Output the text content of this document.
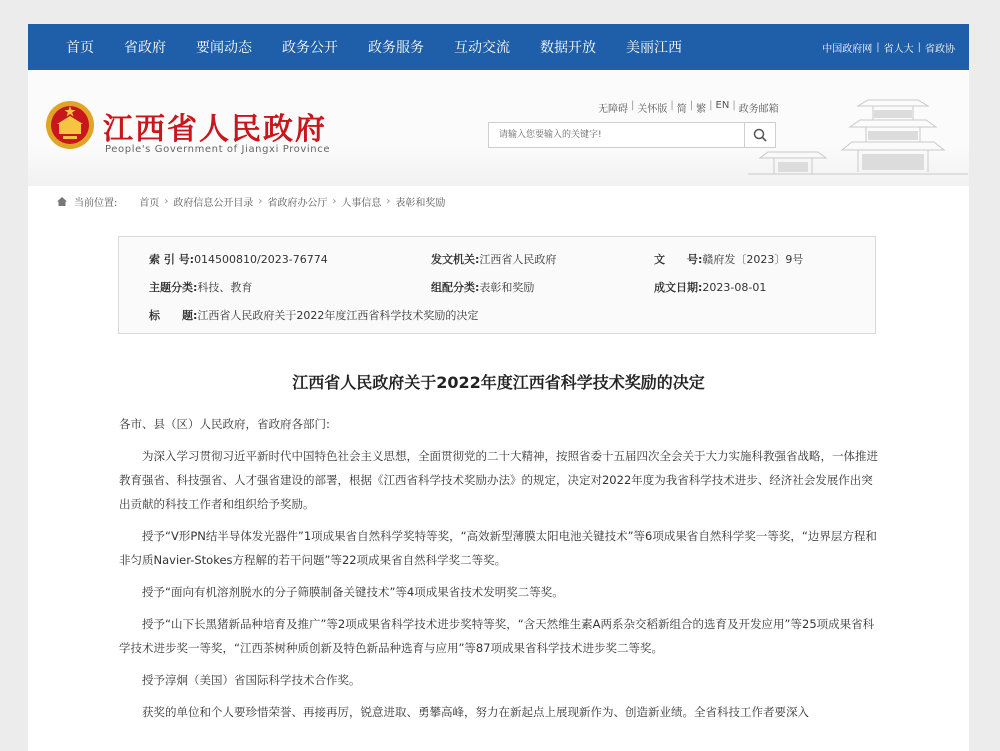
首页 省政府 要闻动态 政务公开 政务服务 互动交流 数据开放 美丽江西	中国政府网 | 省人大 | 省政协
江西省人民政府
People's Government of Jiangxi Province
无障碍 | 关怀版 | 简 | 繁 | EN | 政务邮箱
请输入您要输入的关键字!
当前位置: 首页 › 政府信息公开目录 › 省政府办公厅 › 人事信息 › 表彰和奖励
索 引 号:014500810/2023-76774	发文机关:江西省人民政府	文　　号:赣府发〔2023〕9号
主题分类:科技、教育	组配分类:表彰和奖励	成文日期:2023-08-01
标　　题:江西省人民政府关于2022年度江西省科学技术奖励的决定
江西省人民政府关于2022年度江西省科学技术奖励的决定

各市、县（区）人民政府，省政府各部门:

为深入学习贯彻习近平新时代中国特色社会主义思想，全面贯彻党的二十大精神，按照省委十五届四次全会关于大力实施科教强省战略，一体推进教育强省、科技强省、人才强省建设的部署，根据《江西省科学技术奖励办法》的规定，决定对2022年度为我省科学技术进步、经济社会发展作出突出贡献的科技工作者和组织给予奖励。

授予“V形PN结半导体发光器件”1项成果省自然科学奖特等奖，“高效新型薄膜太阳电池关键技术”等6项成果省自然科学奖一等奖，“边界层方程和非匀质Navier-Stokes方程解的若干问题”等22项成果省自然科学奖二等奖。

授予“面向有机溶剂脱水的分子筛膜制备关键技术”等4项成果省技术发明奖二等奖。

授予“山下长黑猪新品种培育及推广”等2项成果省科学技术进步奖特等奖，“含天然维生素A两系杂交稻新组合的选育及开发应用”等25项成果省科学技术进步奖一等奖，“江西茶树种质创新及特色新品种选育与应用”等87项成果省科学技术进步奖二等奖。

授予淳炯（美国）省国际科学技术合作奖。

获奖的单位和个人要珍惜荣誉、再接再厉，锐意进取、勇攀高峰，努力在新起点上展现新作为、创造新业绩。全省科技工作者要深入
